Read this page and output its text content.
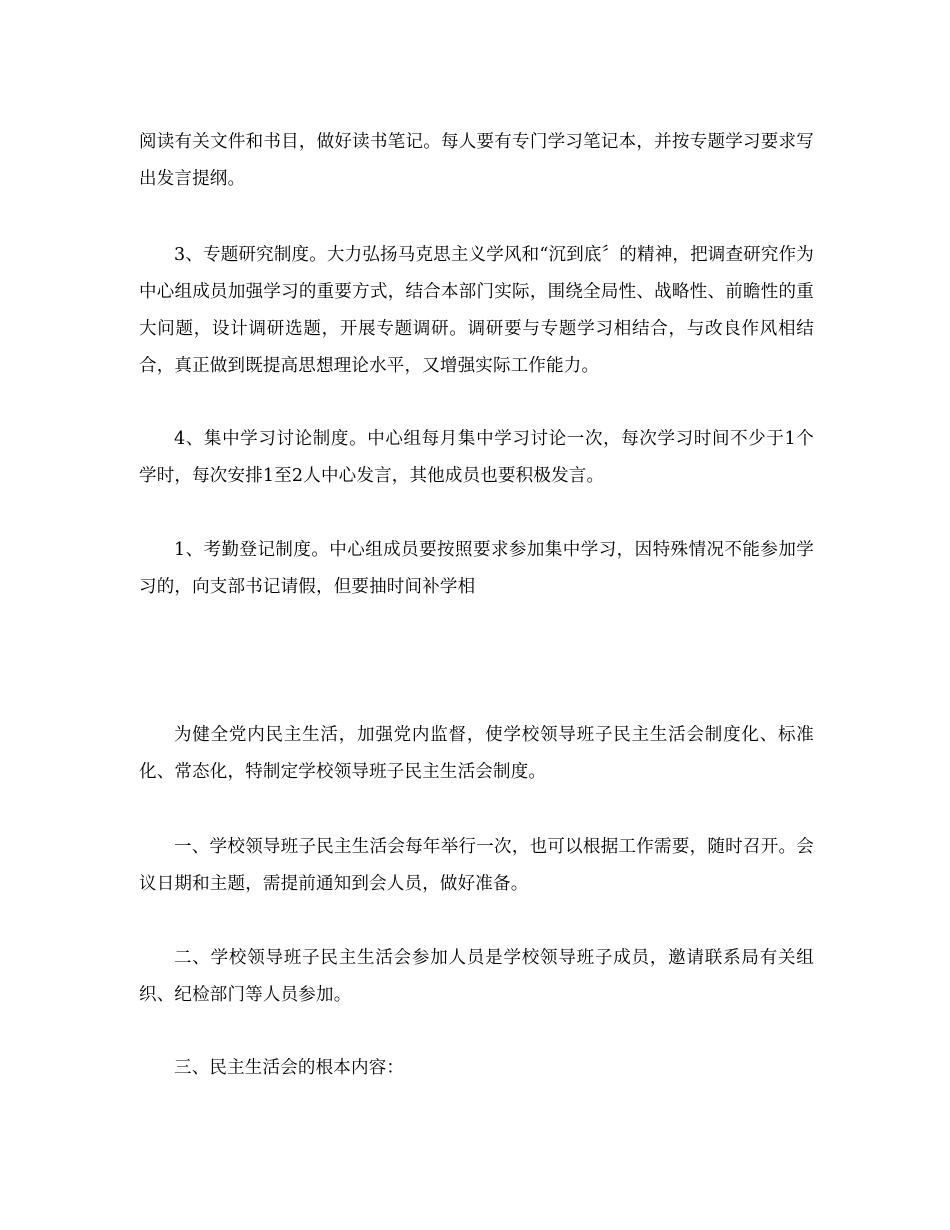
阅读有关文件和书目，做好读书笔记。每人要有专门学习笔记本，并按专题学习要求写出发言提纲。

3、专题研究制度。大力弘扬马克思主义学风和“沉到底〞的精神，把调查研究作为中心组成员加强学习的重要方式，结合本部门实际，围绕全局性、战略性、前瞻性的重大问题，设计调研选题，开展专题调研。调研要与专题学习相结合，与改良作风相结合，真正做到既提高思想理论水平，又增强实际工作能力。

4、集中学习讨论制度。中心组每月集中学习讨论一次，每次学习时间不少于1个学时，每次安排1至2人中心发言，其他成员也要积极发言。

1、考勤登记制度。中心组成员要按照要求参加集中学习，因特殊情况不能参加学习的，向支部书记请假，但要抽时间补学相

为健全党内民主生活，加强党内监督，使学校领导班子民主生活会制度化、标准化、常态化，特制定学校领导班子民主生活会制度。

一、学校领导班子民主生活会每年举行一次，也可以根据工作需要，随时召开。会议日期和主题，需提前通知到会人员，做好准备。

二、学校领导班子民主生活会参加人员是学校领导班子成员，邀请联系局有关组织、纪检部门等人员参加。

三、民主生活会的根本内容：
